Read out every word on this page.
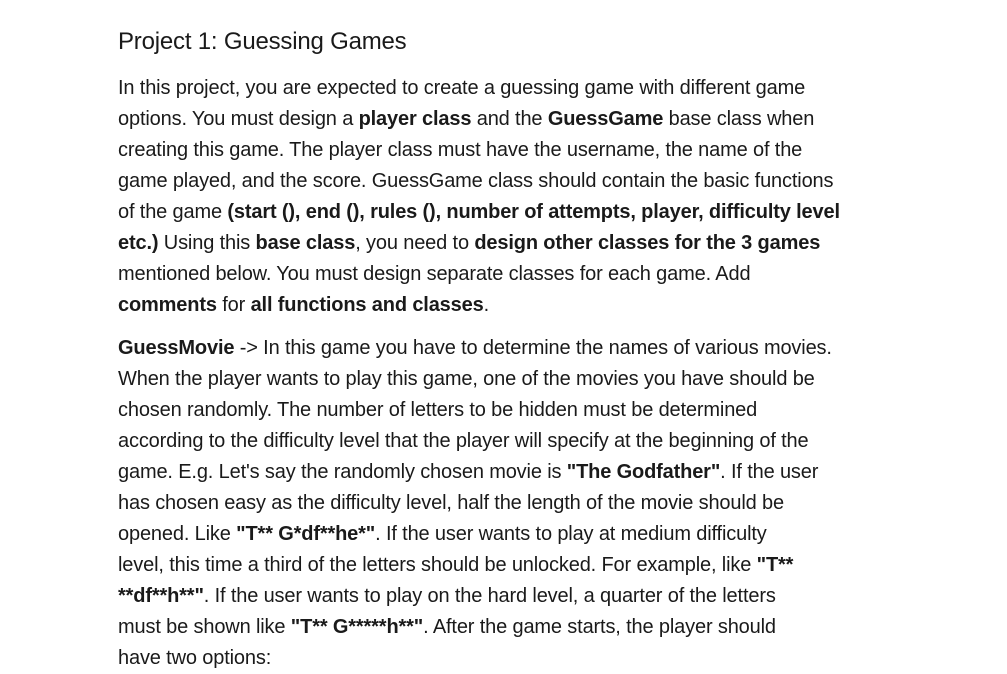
Project 1: Guessing Games
In this project, you are expected to create a guessing game with different game
options. You must design a player class and the GuessGame base class when
creating this game. The player class must have the username, the name of the
game played, and the score. GuessGame class should contain the basic functions
of the game (start (), end (), rules (), number of attempts, player, difficulty level
etc.) Using this base class, you need to design other classes for the 3 games
mentioned below. You must design separate classes for each game. Add
comments for all functions and classes.
GuessMovie -> In this game you have to determine the names of various movies.
When the player wants to play this game, one of the movies you have should be
chosen randomly. The number of letters to be hidden must be determined
according to the difficulty level that the player will specify at the beginning of the
game. E.g. Let's say the randomly chosen movie is "The Godfather". If the user
has chosen easy as the difficulty level, half the length of the movie should be
opened. Like "T** G*df**he*". If the user wants to play at medium difficulty
level, this time a third of the letters should be unlocked. For example, like "T**
**df**h**". If the user wants to play on the hard level, a quarter of the letters
must be shown like "T** G*****h**". After the game starts, the player should
have two options:
